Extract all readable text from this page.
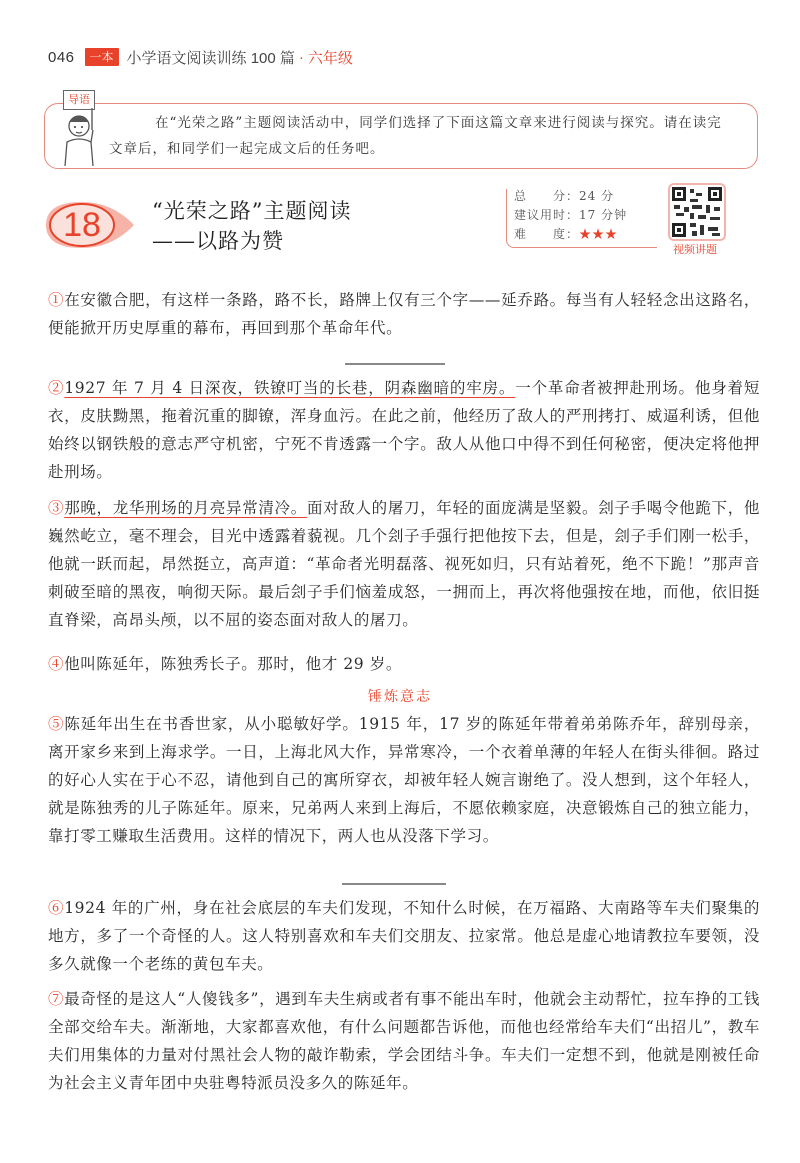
046	一本 小学语文阅读训练 100 篇 · 六年级
导语
在“光荣之路”主题阅读活动中，同学们选择了下面这篇文章来进行阅读与探究。请在读完
文章后，和同学们一起完成文后的任务吧。
18	“光荣之路”主题阅读
——以路为赞
总　　分：24 分
建议用时：17 分钟
难　　度：★★★
视频讲题
①在安徽合肥，有这样一条路，路不长，路牌上仅有三个字——延乔路。每当有人轻轻念出这路名，便能掀开历史厚重的幕布，再回到那个革命年代。
②1927 年 7 月 4 日深夜，铁镣叮当的长巷，阴森幽暗的牢房。一个革命者被押赴刑场。他身着短衣，皮肤黝黑，拖着沉重的脚镣，浑身血污。在此之前，他经历了敌人的严刑拷打、威逼利诱，但他始终以钢铁般的意志严守机密，宁死不肯透露一个字。敌人从他口中得不到任何秘密，便决定将他押赴刑场。
③那晚，龙华刑场的月亮异常清冷。面对敌人的屠刀，年轻的面庞满是坚毅。刽子手喝令他跪下，他巍然屹立，毫不理会，目光中透露着藐视。几个刽子手强行把他按下去，但是，刽子手们刚一松手，他就一跃而起，昂然挺立，高声道：“革命者光明磊落、视死如归，只有站着死，绝不下跪！”那声音刺破至暗的黑夜，响彻天际。最后刽子手们恼羞成怒，一拥而上，再次将他强按在地，而他，依旧挺直脊梁，高昂头颅，以不屈的姿态面对敌人的屠刀。
④他叫陈延年，陈独秀长子。那时，他才 29 岁。
锤炼意志
⑤陈延年出生在书香世家，从小聪敏好学。1915 年，17 岁的陈延年带着弟弟陈乔年，辞别母亲，离开家乡来到上海求学。一日，上海北风大作，异常寒冷，一个衣着单薄的年轻人在街头徘徊。路过的好心人实在于心不忍，请他到自己的寓所穿衣，却被年轻人婉言谢绝了。没人想到，这个年轻人，就是陈独秀的儿子陈延年。原来，兄弟两人来到上海后，不愿依赖家庭，决意锻炼自己的独立能力，靠打零工赚取生活费用。这样的情况下，两人也从没落下学习。
⑥1924 年的广州，身在社会底层的车夫们发现，不知什么时候，在万福路、大南路等车夫们聚集的地方，多了一个奇怪的人。这人特别喜欢和车夫们交朋友、拉家常。他总是虚心地请教拉车要领，没多久就像一个老练的黄包车夫。
⑦最奇怪的是这人“人傻钱多”，遇到车夫生病或者有事不能出车时，他就会主动帮忙，拉车挣的工钱全部交给车夫。渐渐地，大家都喜欢他，有什么问题都告诉他，而他也经常给车夫们“出招儿”，教车夫们用集体的力量对付黑社会人物的敲诈勒索，学会团结斗争。车夫们一定想不到，他就是刚被任命为社会主义青年团中央驻粤特派员没多久的陈延年。
